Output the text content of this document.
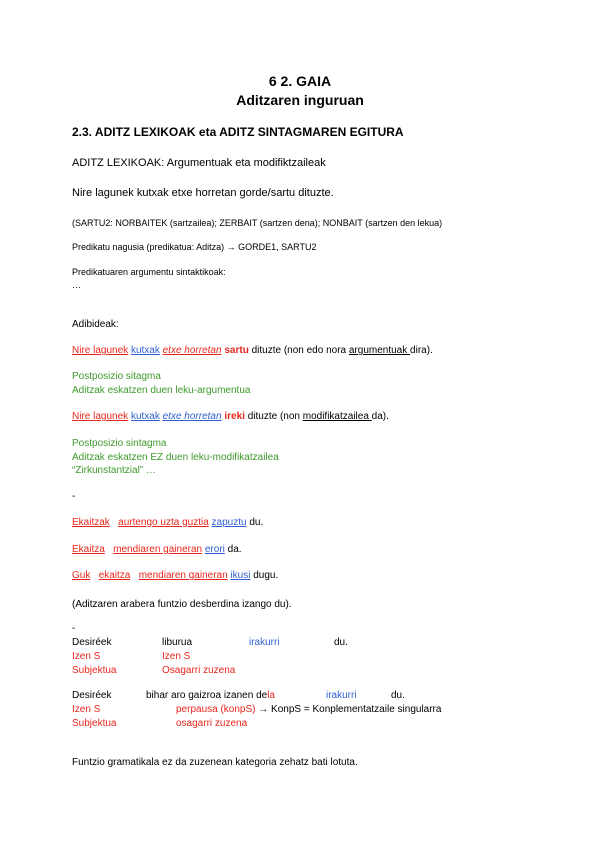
6 2. GAIA
Aditzaren inguruan
2.3. ADITZ LEXIKOAK eta ADITZ SINTAGMAREN EGITURA
ADITZ LEXIKOAK: Argumentuak eta modifiktzaileak
Nire lagunek kutxak etxe horretan gorde/sartu dituzte.
(SARTU2: NORBAITEK (sartzailea); ZERBAIT (sartzen dena); NONBAIT (sartzen den lekua)
Predikatu nagusia (predikatua: Aditza) → GORDE1, SARTU2
Predikatuaren argumentu sintaktikoak:
…
Adibideak:
Nire lagunek kutxak etxe horretan sartu dituzte (non edo nora argumentuak dira).
Postposizio sitagma
Aditzak eskatzen duen leku-argumentua
Nire lagunek kutxak etxe horretan ireki dituzte (non modifikatzailea da).
Postposizio sintagma
Aditzak eskatzen EZ duen leku-modifikatzailea
“Zirkunstantzial” …
-
Ekaitzak aurtengo uzta guztia zapuztu du.
Ekaitza mendiaren gaineran erori da.
Guk ekaitza mendiaren gaineran ikusi dugu.
(Aditzaren arabera funtzio desberdina izango du).
-
Desiréek	liburua	irakurri	du.
Izen S	Izen S
Subjektua	Osagarri zuzena
Desiréek	bihar aro gaizroa izanen dela	irakurri	du.
Izen S	perpausa (konpS) → KonpS = Konplementatzaile singularra
Subjektua	osagarri zuzena
Funtzio gramatikala ez da zuzenean kategoria zehatz bati lotuta.
